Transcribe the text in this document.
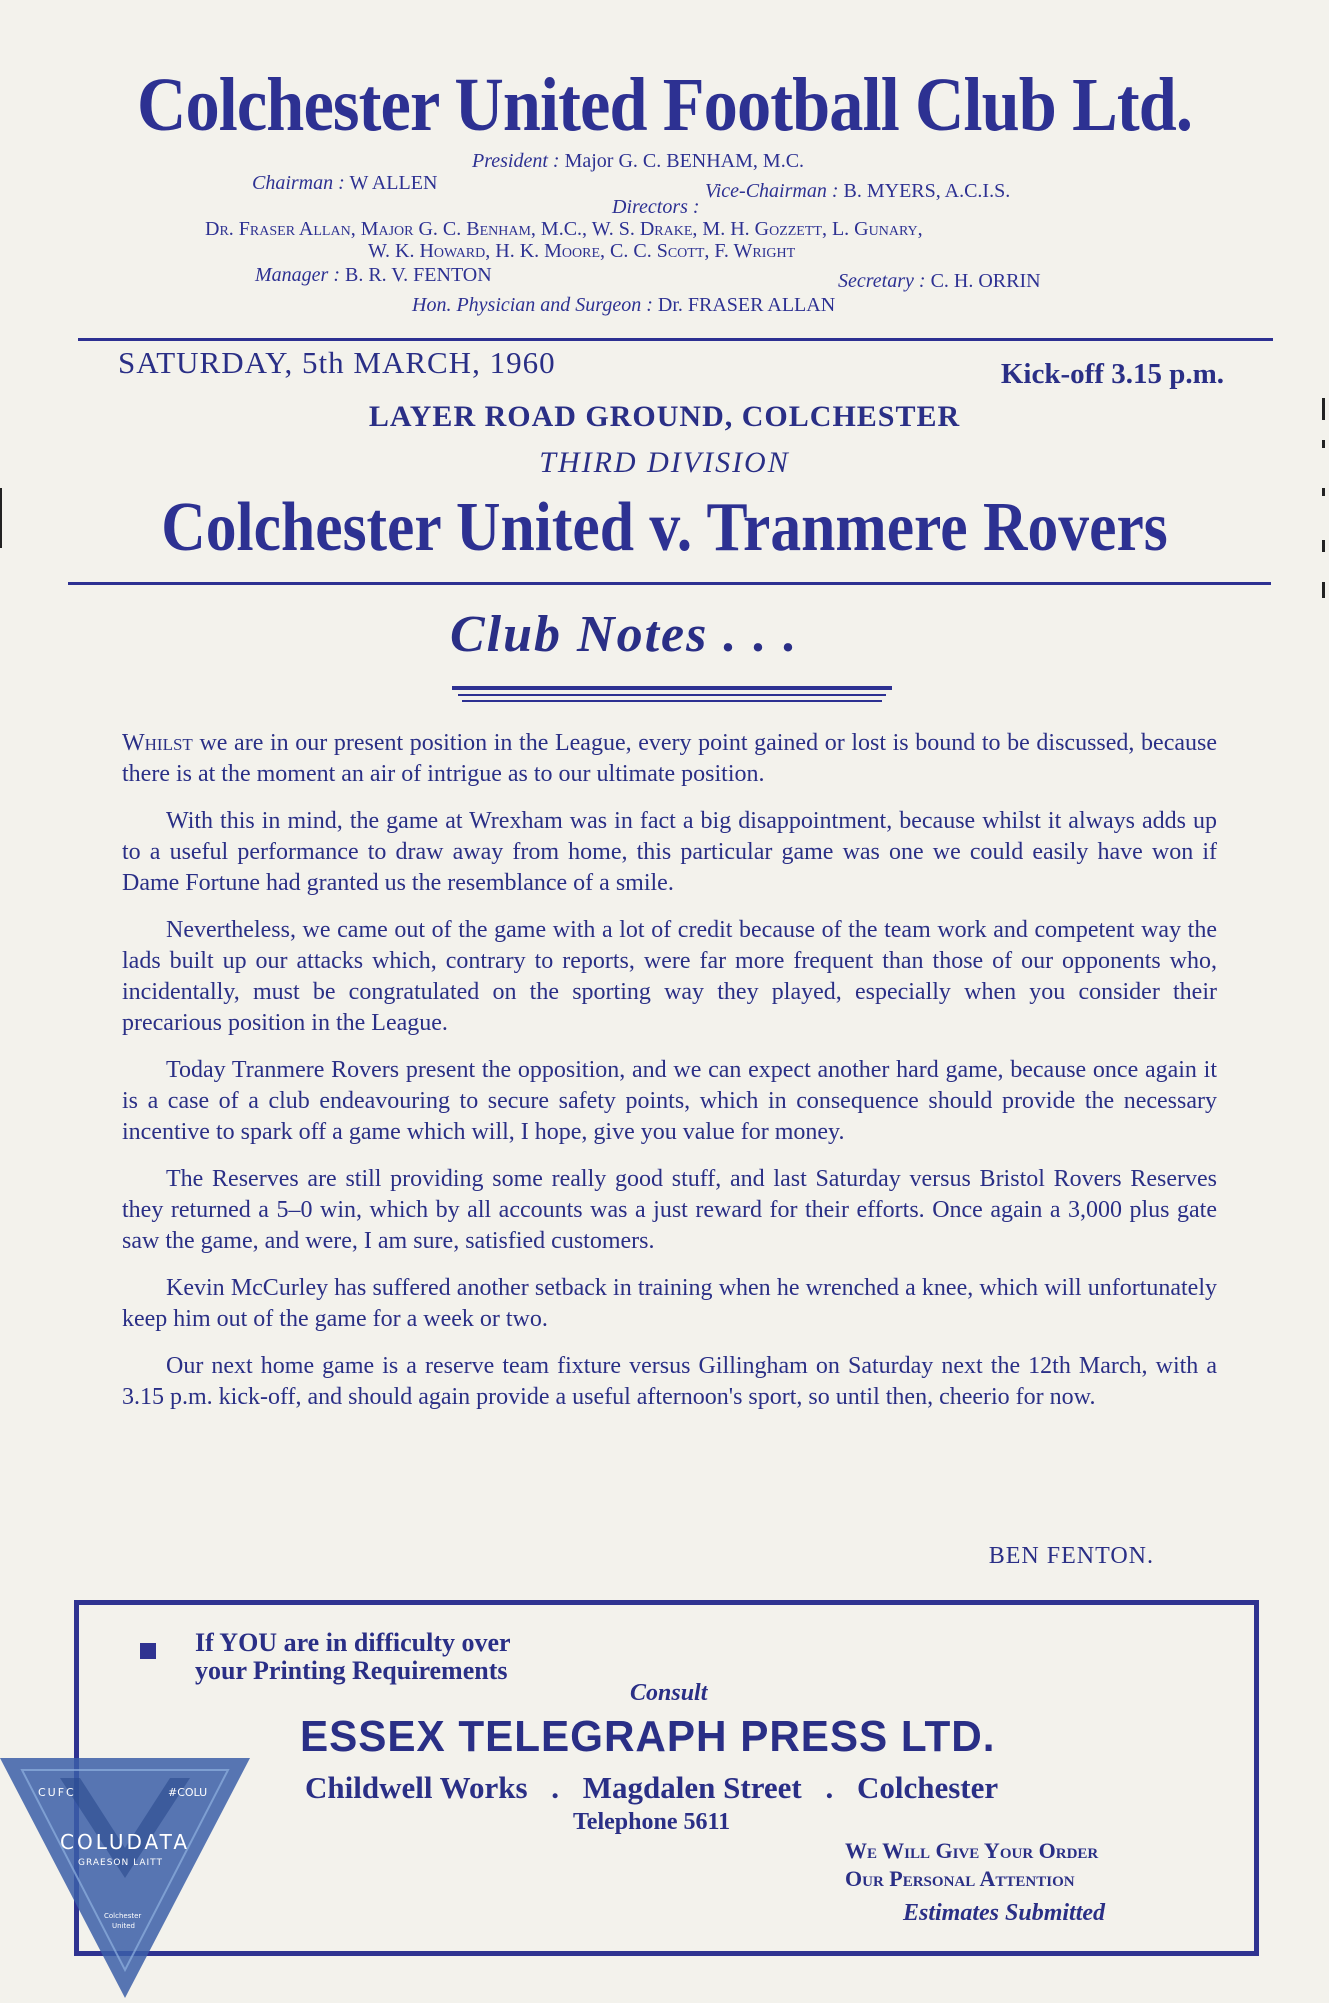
Colchester United Football Club Ltd.
President : Major G. C. BENHAM, M.C.
Chairman : W ALLEN	Vice-Chairman : B. MYERS, A.C.I.S.
Directors :
Dr. Fraser Allan, Major G. C. Benham, M.C., W. S. Drake, M. H. Gozzett, L. Gunary,
W. K. Howard, H. K. Moore, C. C. Scott, F. Wright
Manager : B. R. V. FENTON	Secretary : C. H. ORRIN
Hon. Physician and Surgeon : Dr. FRASER ALLAN
SATURDAY, 5th MARCH, 1960	Kick-off 3.15 p.m.
LAYER ROAD GROUND, COLCHESTER
THIRD DIVISION
Colchester United v. Tranmere Rovers
Club Notes . . .

Whilst we are in our present position in the League, every point gained or lost is bound to be discussed, because there is at the moment an air of intrigue as to our ultimate position.

With this in mind, the game at Wrexham was in fact a big disappointment, because whilst it always adds up to a useful performance to draw away from home, this particular game was one we could easily have won if Dame Fortune had granted us the resemblance of a smile.

Nevertheless, we came out of the game with a lot of credit because of the team work and competent way the lads built up our attacks which, contrary to reports, were far more frequent than those of our opponents who, incidentally, must be congratulated on the sporting way they played, especially when you consider their precarious position in the League.

Today Tranmere Rovers present the opposition, and we can expect another hard game, because once again it is a case of a club endeavouring to secure safety points, which in consequence should provide the necessary incentive to spark off a game which will, I hope, give you value for money.

The Reserves are still providing some really good stuff, and last Saturday versus Bristol Rovers Reserves they returned a 5–0 win, which by all accounts was a just reward for their efforts. Once again a 3,000 plus gate saw the game, and were, I am sure, satisfied customers.

Kevin McCurley has suffered another setback in training when he wrenched a knee, which will unfortunately keep him out of the game for a week or two.

Our next home game is a reserve team fixture versus Gillingham on Saturday next the 12th March, with a 3.15 p.m. kick-off, and should again provide a useful afternoon's sport, so until then, cheerio for now.

BEN FENTON.
If YOU are in difficulty over
your Printing Requirements
Consult
ESSEX TELEGRAPH PRESS LTD.
Childwell Works . Magdalen Street . Colchester
Telephone 5611
We Will Give Your Order
Our Personal Attention
Estimates Submitted
CUFC	#COLU
COLUDATA
GRAESON LAITT
Colchester
United
